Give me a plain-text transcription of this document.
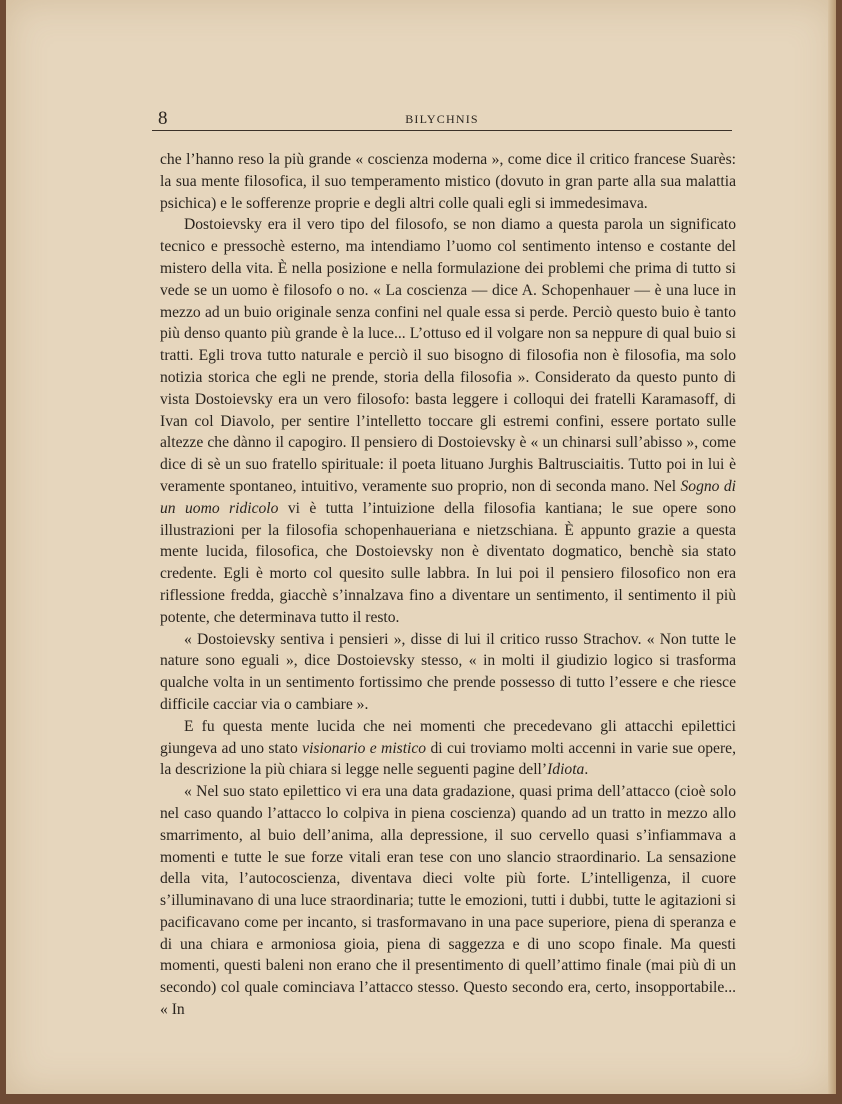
8	BILYCHNIS

che l’hanno reso la più grande « coscienza moderna », come dice il critico francese Suarès: la sua mente filosofica, il suo temperamento mistico (dovuto in gran parte alla sua malattia psichica) e le sofferenze proprie e degli altri colle quali egli si immedesimava.

Dostoievsky era il vero tipo del filosofo, se non diamo a questa parola un significato tecnico e pressochè esterno, ma intendiamo l’uomo col sentimento intenso e costante del mistero della vita. È nella posizione e nella formulazione dei problemi che prima di tutto si vede se un uomo è filosofo o no. « La coscienza — dice A. Schopenhauer — è una luce in mezzo ad un buio originale senza confini nel quale essa si perde. Perciò questo buio è tanto più denso quanto più grande è la luce... L’ottuso ed il volgare non sa neppure di qual buio si tratti. Egli trova tutto naturale e perciò il suo bisogno di filosofia non è filosofia, ma solo notizia storica che egli ne prende, storia della filosofia ». Considerato da questo punto di vista Dostoievsky era un vero filosofo: basta leggere i colloqui dei fratelli Karamasoff, di Ivan col Diavolo, per sentire l’intelletto toccare gli estremi confini, essere portato sulle altezze che dànno il capogiro. Il pensiero di Dostoievsky è « un chinarsi sull’abisso », come dice di sè un suo fratello spirituale: il poeta lituano Jurghis Baltrusciaitis. Tutto poi in lui è veramente spontaneo, intuitivo, veramente suo proprio, non di seconda mano. Nel Sogno di un uomo ridicolo vi è tutta l’intuizione della filosofia kantiana; le sue opere sono illustrazioni per la filosofia schopenhaueriana e nietzschiana. È appunto grazie a questa mente lucida, filosofica, che Dostoievsky non è diventato dogmatico, benchè sia stato credente. Egli è morto col quesito sulle labbra. In lui poi il pensiero filosofico non era riflessione fredda, giacchè s’innalzava fino a diventare un sentimento, il sentimento il più potente, che determinava tutto il resto.

« Dostoievsky sentiva i pensieri », disse di lui il critico russo Strachov. « Non tutte le nature sono eguali », dice Dostoievsky stesso, « in molti il giudizio logico si trasforma qualche volta in un sentimento fortissimo che prende possesso di tutto l’essere e che riesce difficile cacciar via o cambiare ».

E fu questa mente lucida che nei momenti che precedevano gli attacchi epilettici giungeva ad uno stato visionario e mistico di cui troviamo molti accenni in varie sue opere, la descrizione la più chiara si legge nelle seguenti pagine dell’Idiota.

« Nel suo stato epilettico vi era una data gradazione, quasi prima dell’attacco (cioè solo nel caso quando l’attacco lo colpiva in piena coscienza) quando ad un tratto in mezzo allo smarrimento, al buio dell’anima, alla depressione, il suo cervello quasi s’infiammava a momenti e tutte le sue forze vitali eran tese con uno slancio straordinario. La sensazione della vita, l’autocoscienza, diventava dieci volte più forte. L’intelligenza, il cuore s’illuminavano di una luce straordinaria; tutte le emozioni, tutti i dubbi, tutte le agitazioni si pacificavano come per incanto, si trasformavano in una pace superiore, piena di speranza e di una chiara e armoniosa gioia, piena di saggezza e di uno scopo finale. Ma questi momenti, questi baleni non erano che il presentimento di quell’attimo finale (mai più di un secondo) col quale cominciava l’attacco stesso. Questo secondo era, certo, insopportabile... « In
